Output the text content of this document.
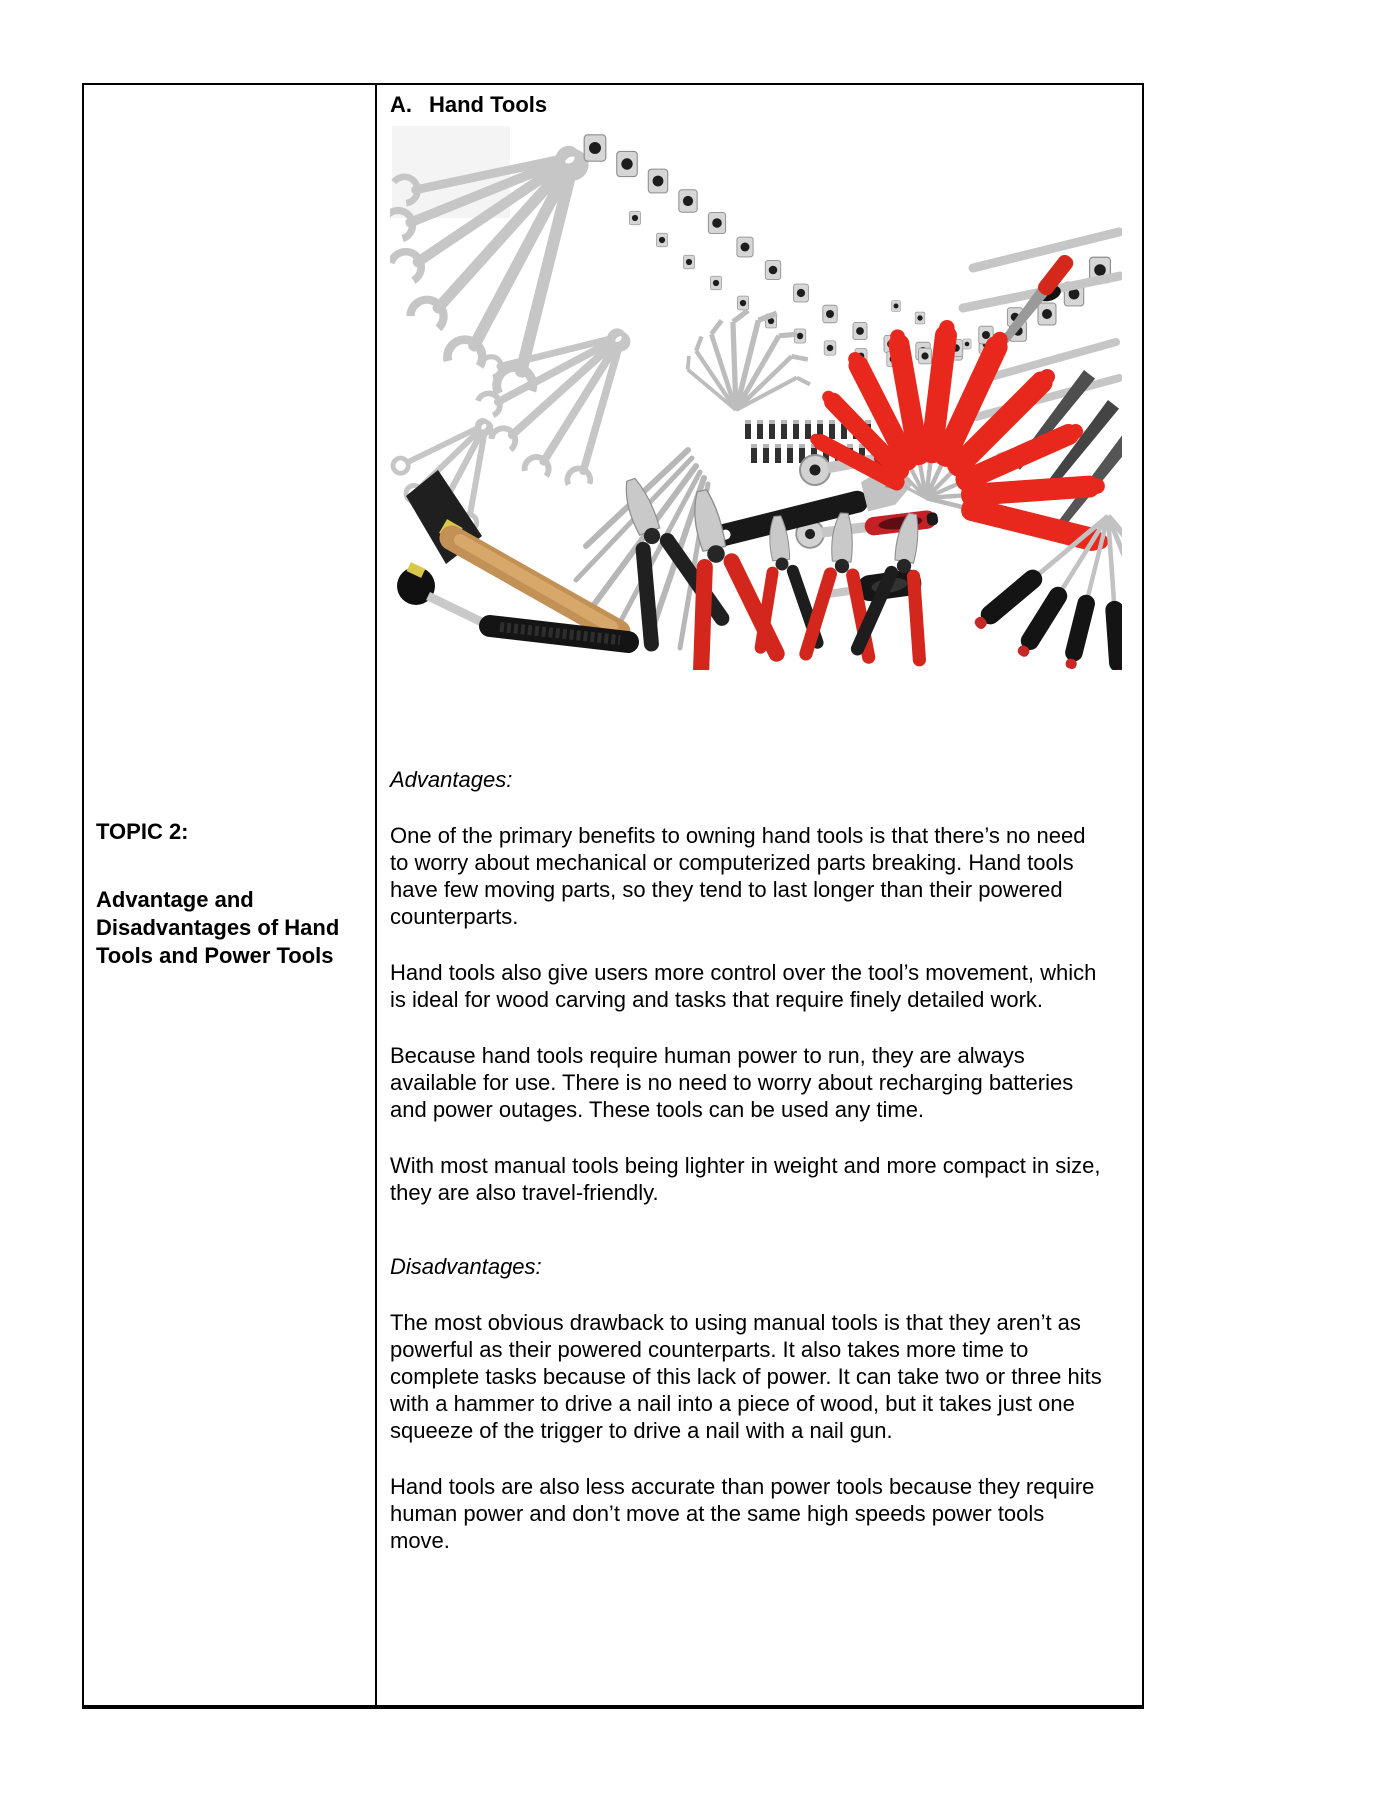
TOPIC 2:
Advantage and Disadvantages of Hand Tools and Power Tools
A. Hand Tools
Advantages:

One of the primary benefits to owning hand tools is that there’s no need to worry about mechanical or computerized parts breaking. Hand tools have few moving parts, so they tend to last longer than their powered counterparts.

Hand tools also give users more control over the tool’s movement, which is ideal for wood carving and tasks that require finely detailed work.

Because hand tools require human power to run, they are always available for use. There is no need to worry about recharging batteries and power outages. These tools can be used any time.

With most manual tools being lighter in weight and more compact in size, they are also travel-friendly.

Disadvantages:

The most obvious drawback to using manual tools is that they aren’t as powerful as their powered counterparts. It also takes more time to complete tasks because of this lack of power. It can take two or three hits with a hammer to drive a nail into a piece of wood, but it takes just one squeeze of the trigger to drive a nail with a nail gun.

Hand tools are also less accurate than power tools because they require human power and don’t move at the same high speeds power tools move.
